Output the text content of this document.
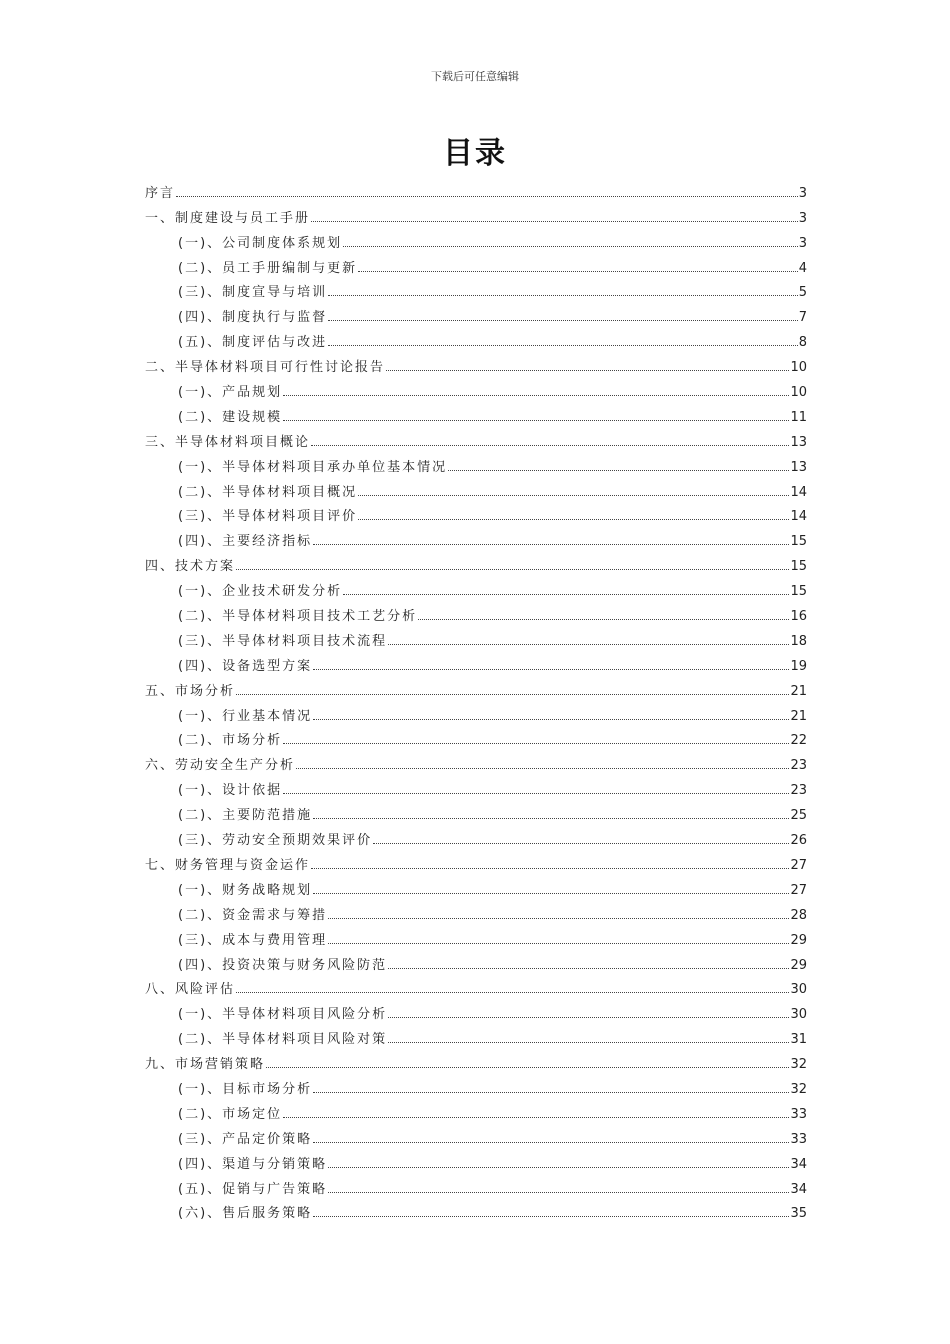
下载后可任意编辑
目录
序言	3
一、制度建设与员工手册	3
(一)、公司制度体系规划	3
(二)、员工手册编制与更新	4
(三)、制度宣导与培训	5
(四)、制度执行与监督	7
(五)、制度评估与改进	8
二、半导体材料项目可行性讨论报告	10
(一)、产品规划	10
(二)、建设规模	11
三、半导体材料项目概论	13
(一)、半导体材料项目承办单位基本情况	13
(二)、半导体材料项目概况	14
(三)、半导体材料项目评价	14
(四)、主要经济指标	15
四、技术方案	15
(一)、企业技术研发分析	15
(二)、半导体材料项目技术工艺分析	16
(三)、半导体材料项目技术流程	18
(四)、设备选型方案	19
五、市场分析	21
(一)、行业基本情况	21
(二)、市场分析	22
六、劳动安全生产分析	23
(一)、设计依据	23
(二)、主要防范措施	25
(三)、劳动安全预期效果评价	26
七、财务管理与资金运作	27
(一)、财务战略规划	27
(二)、资金需求与筹措	28
(三)、成本与费用管理	29
(四)、投资决策与财务风险防范	29
八、风险评估	30
(一)、半导体材料项目风险分析	30
(二)、半导体材料项目风险对策	31
九、市场营销策略	32
(一)、目标市场分析	32
(二)、市场定位	33
(三)、产品定价策略	33
(四)、渠道与分销策略	34
(五)、促销与广告策略	34
(六)、售后服务策略	35
